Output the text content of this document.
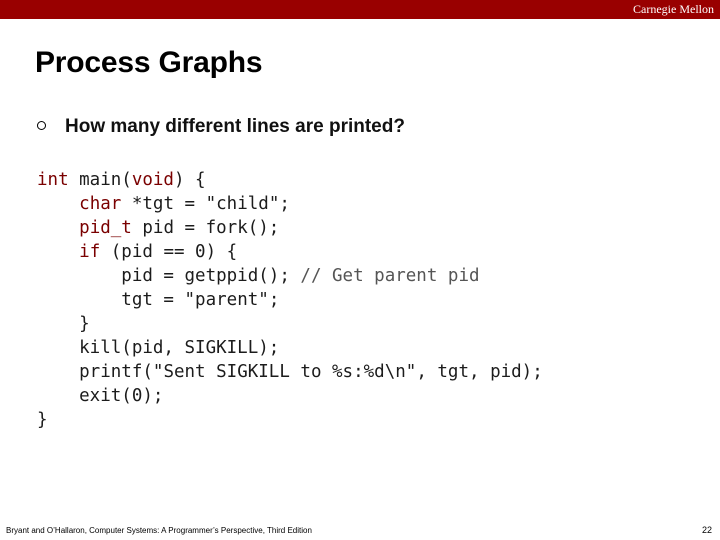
Carnegie Mellon
Process Graphs
How many different lines are printed?
int main(void) {
char *tgt = "child";
pid_t pid = fork();
if (pid == 0) {
pid = getppid(); // Get parent pid
tgt = "parent";
}
kill(pid, SIGKILL);
printf("Sent SIGKILL to %s:%d\n", tgt, pid);
exit(0);
}
Bryant and O’Hallaron, Computer Systems: A Programmer’s Perspective, Third Edition	22
